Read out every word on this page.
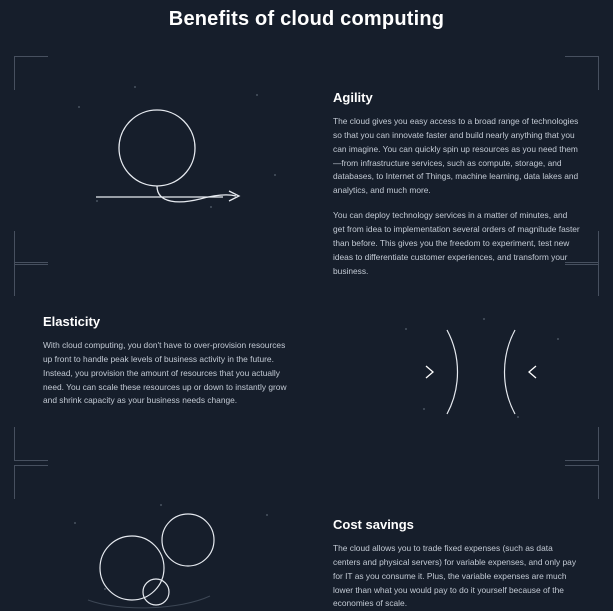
Benefits of cloud computing
Agility

The cloud gives you easy access to a broad range of technologies so that you can innovate faster and build nearly anything that you can imagine. You can quickly spin up resources as you need them—from infrastructure services, such as compute, storage, and databases, to Internet of Things, machine learning, data lakes and analytics, and much more.

You can deploy technology services in a matter of minutes, and get from idea to implementation several orders of magnitude faster than before. This gives you the freedom to experiment, test new ideas to differentiate customer experiences, and transform your business.

Elasticity

With cloud computing, you don't have to over-provision resources up front to handle peak levels of business activity in the future. Instead, you provision the amount of resources that you actually need. You can scale these resources up or down to instantly grow and shrink capacity as your business needs change.

Cost savings

The cloud allows you to trade fixed expenses (such as data centers and physical servers) for variable expenses, and only pay for IT as you consume it. Plus, the variable expenses are much lower than what you would pay to do it yourself because of the economies of scale.
